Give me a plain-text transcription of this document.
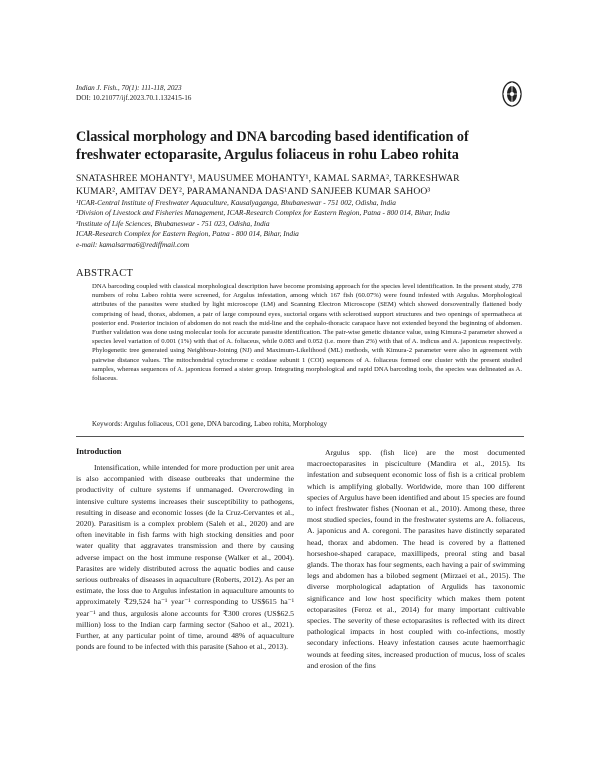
Indian J. Fish., 70(1): 111-118, 2023
DOI: 10.21077/ijf.2023.70.1.132415-16
Classical morphology and DNA barcoding based identification of
freshwater ectoparasite, Argulus foliaceus in rohu Labeo rohita
SNATASHREE MOHANTY¹, MAUSUMEE MOHANTY¹, KAMAL SARMA², TARKESHWAR
KUMAR², AMITAV DEY², PARAMANANDA DAS¹AND SANJEEB KUMAR SAHOO³
¹ICAR-Central Institute of Freshwater Aquaculture, Kausalyaganga, Bhubaneswar - 751 002, Odisha, India
²Division of Livestock and Fisheries Management, ICAR-Research Complex for Eastern Region, Patna - 800 014, Bihar, India
³Institute of Life Sciences, Bhubaneswar - 751 023, Odisha, India
ICAR-Research Complex for Eastern Region, Patna - 800 014, Bihar, India
e-mail: kamalsarma6@rediffmail.com
ABSTRACT
DNA barcoding coupled with classical morphological description have become promising approach for the species level identification. In the present study, 278 numbers of rohu Labeo rohita were screened, for Argulus infestation, among which 167 fish (60.07%) were found infested with Argulus. Morphological attributes of the parasites were studied by light microscope (LM) and Scanning Electron Microscope (SEM) which showed dorsoventrally flattened body comprising of head, thorax, abdomen, a pair of large compound eyes, suctorial organs with sclerotised support structures and two openings of spermatheca at posterior end. Posterior incision of abdomen do not reach the mid-line and the cephalo-thoracic carapace have not extended beyond the beginning of abdomen. Further validation was done using molecular tools for accurate parasite identification. The pair-wise genetic distance value, using Kimura-2 parameter showed a species level variation of 0.001 (1%) with that of A. foliaceus, while 0.083 and 0.052 (i.e. more than 2%) with that of A. indicus and A. japonicus respectively. Phylogenetic tree generated using Neighbour-Joining (NJ) and Maximum-Likelihood (ML) methods, with Kimura-2 parameter were also in agreement with pairwise distance values. The mitochondrial cytochrome c oxidase subunit 1 (COI) sequences of A. foliaceus formed one cluster with the present studied samples, whereas sequences of A. japonicus formed a sister group. Integrating morphological and rapid DNA barcoding tools, the species was delineated as A. foliaceus.
Keywords: Argulus foliaceus, CO1 gene, DNA barcoding, Labeo rohita, Morphology
Introduction

Intensification, while intended for more production per unit area is also accompanied with disease outbreaks that undermine the productivity of culture systems if unmanaged. Overcrowding in intensive culture systems increases their susceptibility to pathogens, resulting in disease and economic losses (de la Cruz-Cervantes et al., 2020). Parasitism is a complex problem (Saleh et al., 2020) and are often inevitable in fish farms with high stocking densities and poor water quality that aggravates transmission and there by causing adverse impact on the host immune response (Walker et al., 2004). Parasites are widely distributed across the aquatic bodies and cause serious outbreaks of diseases in aquaculture (Roberts, 2012). As per an estimate, the loss due to Argulus infestation in aquaculture amounts to approximately ₹29,524 ha⁻¹ year⁻¹ corresponding to US$615 ha⁻¹ year⁻¹ and thus, argulosis alone accounts for ₹300 crores (US$62.5 million) loss to the Indian carp farming sector (Sahoo et al., 2021). Further, at any particular point of time, around 48% of aquaculture ponds are found to be infected with this parasite (Sahoo et al., 2013).

Argulus spp. (fish lice) are the most documented macroectoparasites in pisciculture (Mandira et al., 2015). Its infestation and subsequent economic loss of fish is a critical problem which is amplifying globally. Worldwide, more than 100 different species of Argulus have been identified and about 15 species are found to infect freshwater fishes (Noonan et al., 2010). Among these, three most studied species, found in the freshwater systems are A. foliaceus, A. japonicus and A. coregoni. The parasites have distinctly separated head, thorax and abdomen. The head is covered by a flattened horseshoe-shaped carapace, maxillipeds, preoral sting and basal glands. The thorax has four segments, each having a pair of swimming legs and abdomen has a bilobed segment (Mirzaei et al., 2015). The diverse morphological adaptation of Argulids has taxonomic significance and low host specificity which makes them potent ectoparasites (Feroz et al., 2014) for many important cultivable species. The severity of these ectoparasites is reflected with its direct pathological impacts in host coupled with co-infections, mostly secondary infections. Heavy infestation causes acute haemorrhagic wounds at feeding sites, increased production of mucus, loss of scales and erosion of the fins
